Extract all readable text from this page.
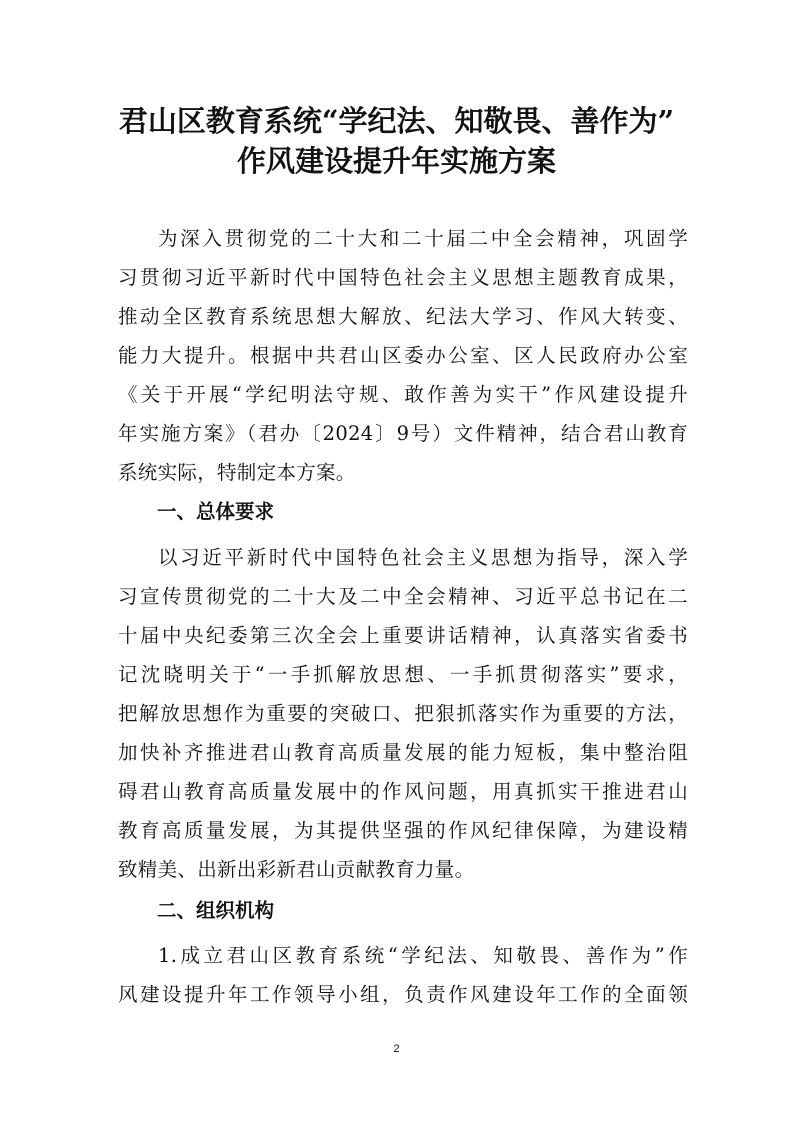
君山区教育系统“学纪法、知敬畏、善作为”
作风建设提升年实施方案
为深入贯彻党的二十大和二十届二中全会精神，巩固学
习贯彻习近平新时代中国特色社会主义思想主题教育成果，
推动全区教育系统思想大解放、纪法大学习、作风大转变、
能力大提升。根据中共君山区委办公室、区人民政府办公室
《关于开展“学纪明法守规、敢作善为实干”作风建设提升
年实施方案》（君办〔2024〕9号）文件精神，结合君山教育
系统实际，特制定本方案。
一、总体要求
以习近平新时代中国特色社会主义思想为指导，深入学
习宣传贯彻党的二十大及二中全会精神、习近平总书记在二
十届中央纪委第三次全会上重要讲话精神，认真落实省委书
记沈晓明关于“一手抓解放思想、一手抓贯彻落实”要求，
把解放思想作为重要的突破口、把狠抓落实作为重要的方法，
加快补齐推进君山教育高质量发展的能力短板，集中整治阻
碍君山教育高质量发展中的作风问题，用真抓实干推进君山
教育高质量发展，为其提供坚强的作风纪律保障，为建设精
致精美、出新出彩新君山贡献教育力量。
二、组织机构
1.成立君山区教育系统“学纪法、知敬畏、善作为”作
风建设提升年工作领导小组，负责作风建设年工作的全面领
2
